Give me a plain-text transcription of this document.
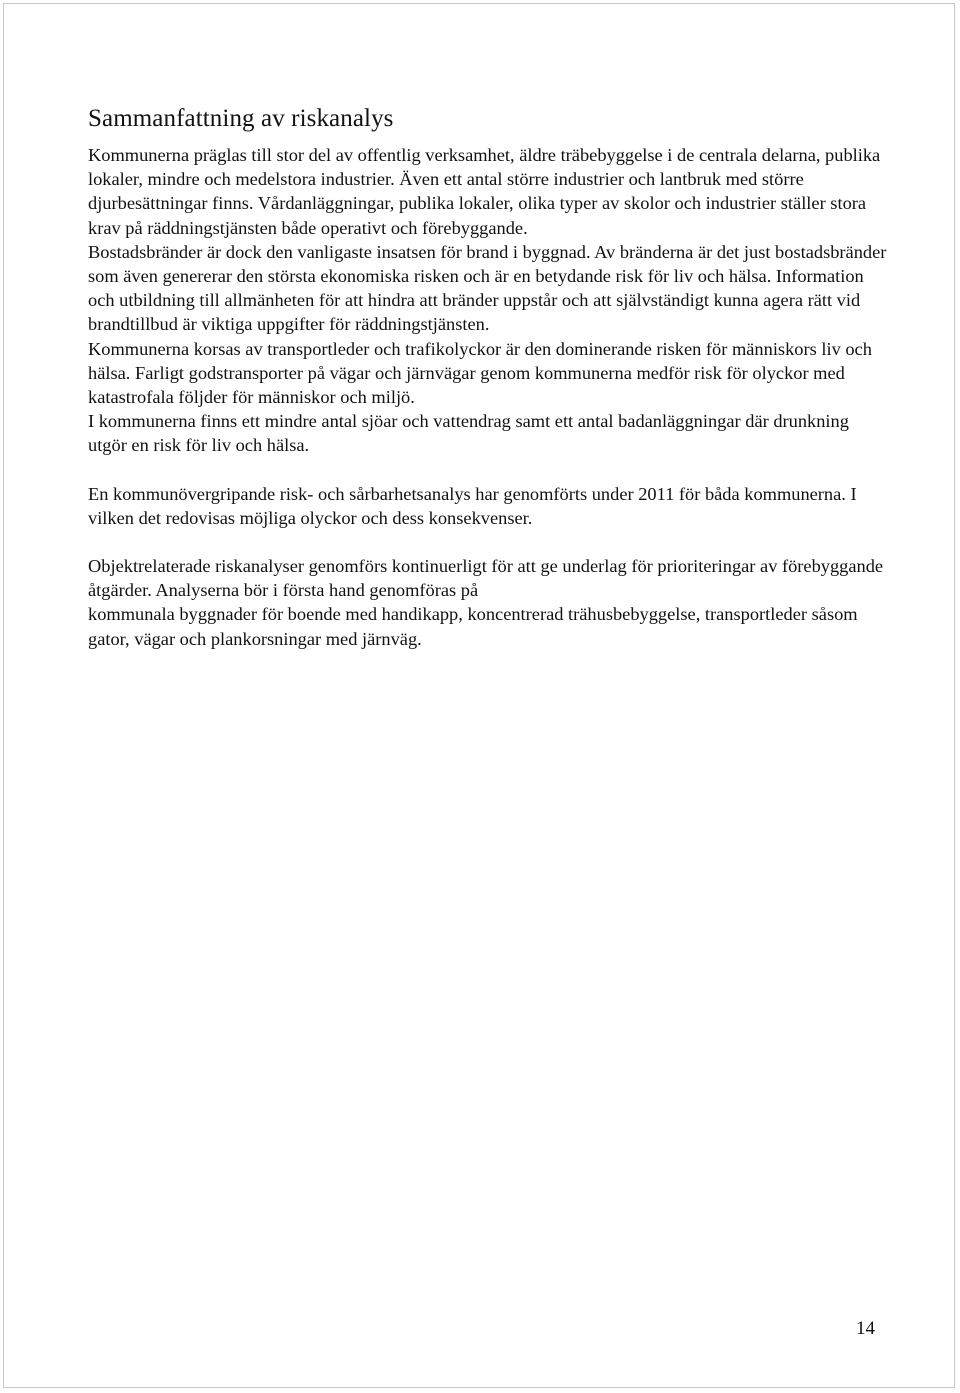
Sammanfattning av riskanalys

Kommunerna präglas till stor del av offentlig verksamhet, äldre träbebyggelse i de centrala delarna, publika lokaler, mindre och medelstora industrier. Även ett antal större industrier och lantbruk med större djurbesättningar finns. Vårdanläggningar, publika lokaler, olika typer av skolor och industrier ställer stora krav på räddningstjänsten både operativt och förebyggande.

Bostadsbränder är dock den vanligaste insatsen för brand i byggnad. Av bränderna är det just bostadsbränder som även genererar den största ekonomiska risken och är en betydande risk för liv och hälsa. Information och utbildning till allmänheten för att hindra att bränder uppstår och att självständigt kunna agera rätt vid brandtillbud är viktiga uppgifter för räddningstjänsten.

Kommunerna korsas av transportleder och trafikolyckor är den dominerande risken för människors liv och hälsa. Farligt godstransporter på vägar och järnvägar genom kommunerna medför risk för olyckor med katastrofala följder för människor och miljö.

I kommunerna finns ett mindre antal sjöar och vattendrag samt ett antal badanläggningar där drunkning utgör en risk för liv och hälsa.

En kommunövergripande risk- och sårbarhetsanalys har genomförts under 2011 för båda kommunerna. I vilken det redovisas möjliga olyckor och dess konsekvenser.

Objektrelaterade riskanalyser genomförs kontinuerligt för att ge underlag för prioriteringar av förebyggande åtgärder. Analyserna bör i första hand genomföras på

kommunala byggnader för boende med handikapp, koncentrerad trähusbebyggelse, transportleder såsom gator, vägar och plankorsningar med järnväg.

14
